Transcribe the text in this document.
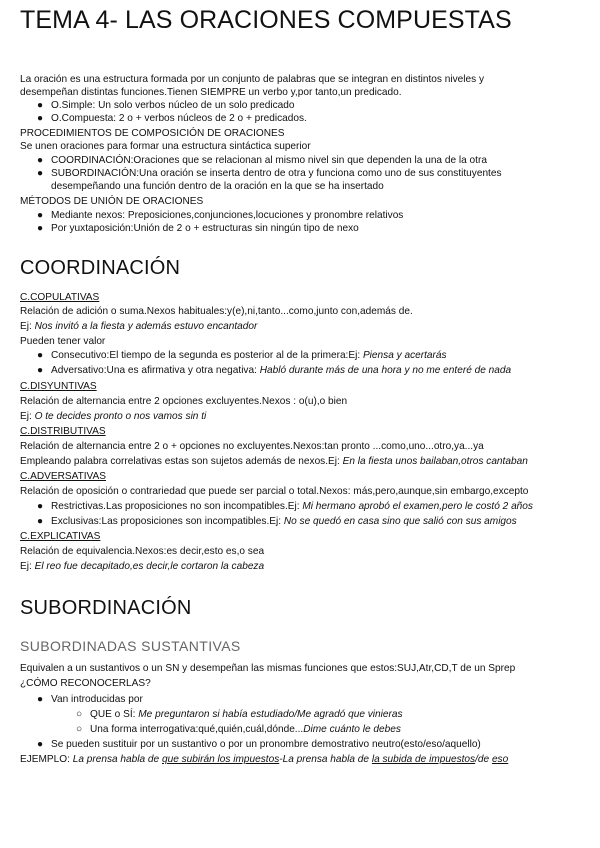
TEMA 4- LAS ORACIONES COMPUESTAS
La oración es una estructura formada por un conjunto de palabras que se integran en distintos niveles y
desempeñan distintas funciones.Tienen SIEMPRE un verbo y,por tanto,un predicado.
● O.Simple: Un solo verbos núcleo de un solo predicado
● O.Compuesta: 2 o + verbos núcleos de 2 o + predicados.
PROCEDIMIENTOS DE COMPOSICIÓN DE ORACIONES
Se unen oraciones para formar una estructura sintáctica superior
● COORDINACIÓN:Oraciones que se relacionan al mismo nivel sin que dependen la una de la otra
● SUBORDINACIÓN:Una oración se inserta dentro de otra y funciona como uno de sus constituyentes
desempeñando una función dentro de la oración en la que se ha insertado
MÉTODOS DE UNIÓN DE ORACIONES
● Mediante nexos: Preposiciones,conjunciones,locuciones y pronombre relativos
● Por yuxtaposición:Unión de 2 o + estructuras sin ningún tipo de nexo
COORDINACIÓN
C.COPULATIVAS
Relación de adición o suma.Nexos habituales:y(e),ni,tanto...como,junto con,además de.
Ej: Nos invitó a la fiesta y además estuvo encantador
Pueden tener valor
● Consecutivo:El tiempo de la segunda es posterior al de la primera:Ej: Piensa y acertarás
● Adversativo:Una es afirmativa y otra negativa: Habló durante más de una hora y no me enteré de nada
C.DISYUNTIVAS
Relación de alternancia entre 2 opciones excluyentes.Nexos : o(u),o bien
Ej: O te decides pronto o nos vamos sin ti
C.DISTRIBUTIVAS
Relación de alternancia entre 2 o + opciones no excluyentes.Nexos:tan pronto ...como,uno...otro,ya...ya
Empleando palabra correlativas estas son sujetos además de nexos.Ej: En la fiesta unos bailaban,otros cantaban
C.ADVERSATIVAS
Relación de oposición o contrariedad que puede ser parcial o total.Nexos: más,pero,aunque,sin embargo,excepto
● Restrictivas.Las proposiciones no son incompatibles.Ej: Mi hermano aprobó el examen,pero le costó 2 años
● Exclusivas:Las proposiciones son incompatibles.Ej: No se quedó en casa sino que salió con sus amigos
C.EXPLICATIVAS
Relación de equivalencia.Nexos:es decir,esto es,o sea
Ej: El reo fue decapitado,es decir,le cortaron la cabeza
SUBORDINACIÓN
SUBORDINADAS SUSTANTIVAS
Equivalen a un sustantivos o un SN y desempeñan las mismas funciones que estos:SUJ,Atr,CD,T de un Sprep
¿CÓMO RECONOCERLAS?
● Van introducidas por
○ QUE o SÍ: Me preguntaron si había estudiado/Me agradó que vinieras
○ Una forma interrogativa:qué,quién,cuál,dónde...Dime cuánto le debes
● Se pueden sustituir por un sustantivo o por un pronombre demostrativo neutro(esto/eso/aquello)
EJEMPLO: La prensa habla de que subirán los impuestos-La prensa habla de la subida de impuestos/de eso
